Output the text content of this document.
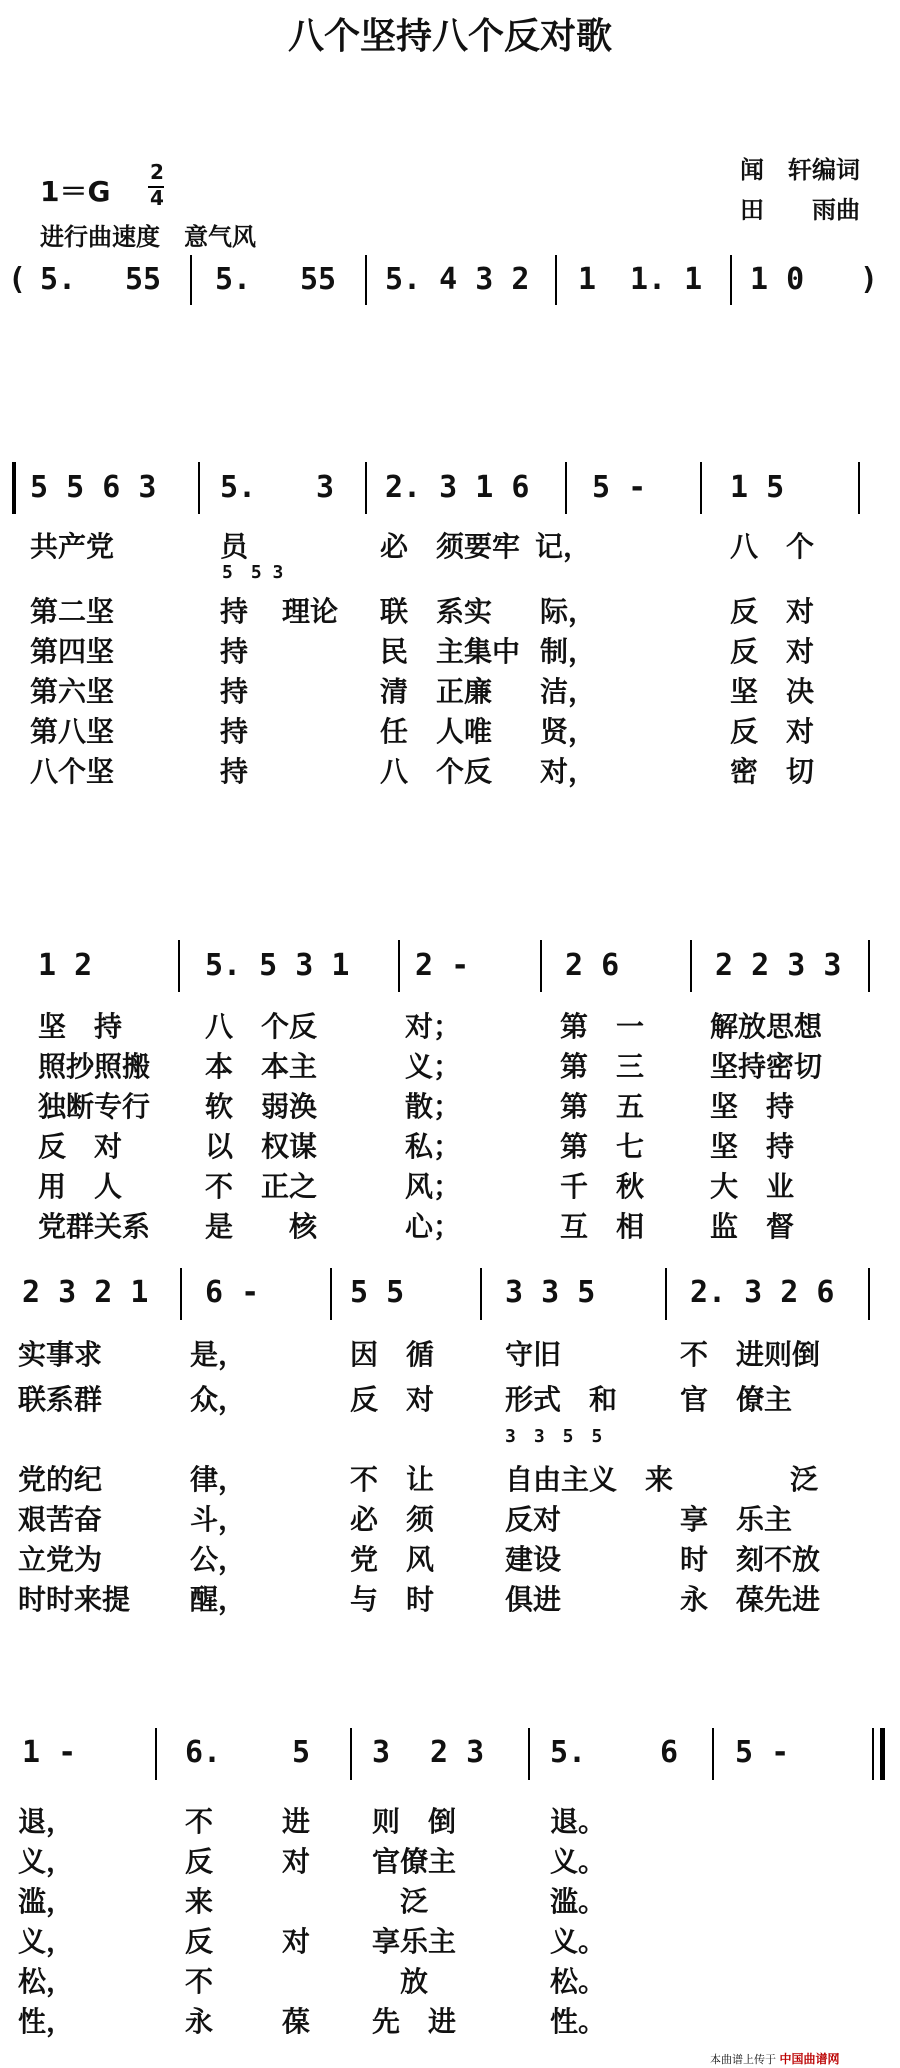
八个坚持八个反对歌
1＝G
2
4
进行曲速度　意气风
闻　轩编词
田　　雨曲
( 5. 55 5. 55 5. 4 3 2 1 1. 1 1 0 )
5 5 6 3 5. 3 2. 3 1 6 5 -	1 5
5　5 3
共产党	员	必　须要牢 记，	八　个
第二坚	持 理论 联　系实 际，	反　对
第四坚	持	民　主集中 制，	反　对
第六坚	持	清　正廉 洁，	坚　决
第八坚	持	任　人唯 贤，	反　对
八个坚	持	八　个反 对，	密　切
1 2	5. 5 3 1 2 -	2 6	2 2 3 3
坚　持	八　个反	对；	第　一 解放思想
照抄照搬 本　本主	义；	第　三 坚持密切
独断专行 软　弱涣	散；	第　五 坚　持
反　对	以　权谋	私；	第　七 坚　持
用　人	不　正之	风；	千　秋 大　业
党群关系 是　　核	心；	互　相 监　督
2 3 2 1 6 -	5 5	3 3 5	2. 3 2 6
3　3　5　5
实事求	是，	因　循	守旧	不　进则倒
联系群	众，	反　对	形式　和 官　僚主
党的纪	律，	不　让	自由主义　来	泛
艰苦奋	斗，	必　须	反对	享　乐主
立党为	公，	党　风	建设	时　刻不放
时时来提 醒，	与　时	俱进	永　葆先进
1 -	6. 5 3 2 3 5. 6 5 -
退，	不 进 则　倒	退。
义，	反 对 官僚主	义。
滥，	来	泛	滥。
义，	反 对 享乐主	义。
松，	不	放	松。
性，	永 葆 先　进	性。
本曲谱上传于 中国曲谱网
